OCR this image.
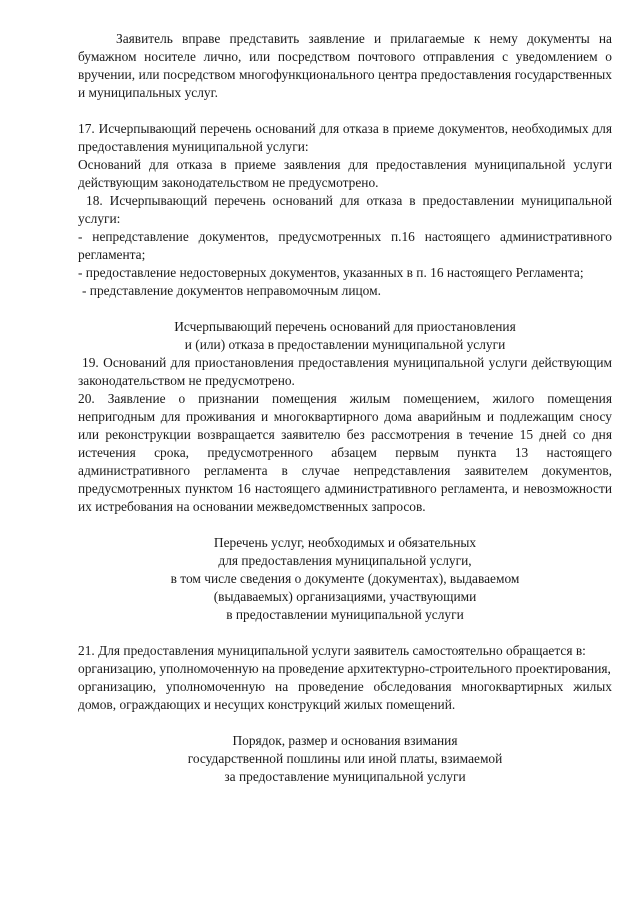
Заявитель вправе представить заявление и прилагаемые к нему документы на бумажном носителе лично, или посредством почтового отправления с уведомлением о вручении, или посредством многофункционального центра предоставления государственных и муниципальных услуг.

17. Исчерпывающий перечень оснований для отказа в приеме документов, необходимых для предоставления муниципальной услуги:

Оснований для отказа в приеме заявления для предоставления муниципальной услуги действующим законодательством не предусмотрено.

18. Исчерпывающий перечень оснований для отказа в предоставлении муниципальной услуги:

- непредставление документов, предусмотренных п.16 настоящего административного регламента;

- предоставление недостоверных документов, указанных в п. 16 настоящего Регламента;

- представление документов неправомочным лицом.

Исчерпывающий перечень оснований для приостановления
и (или) отказа в предоставлении муниципальной услуги

19. Оснований для приостановления предоставления муниципальной услуги действующим законодательством не предусмотрено.

20. Заявление о признании помещения жилым помещением, жилого помещения непригодным для проживания и многоквартирного дома аварийным и подлежащим сносу или реконструкции возвращается заявителю без рассмотрения в течение 15 дней со дня истечения срока, предусмотренного абзацем первым пункта 13 настоящего административного регламента в случае непредставления заявителем документов, предусмотренных пунктом 16 настоящего административного регламента, и невозможности их истребования на основании межведомственных запросов.

Перечень услуг, необходимых и обязательных
для предоставления муниципальной услуги,
в том числе сведения о документе (документах), выдаваемом
(выдаваемых) организациями, участвующими
в предоставлении муниципальной услуги

21. Для предоставления муниципальной услуги заявитель самостоятельно обращается в:

организацию, уполномоченную на проведение архитектурно-строительного проектирования,

организацию, уполномоченную на проведение обследования многоквартирных жилых домов, ограждающих и несущих конструкций жилых помещений.

Порядок, размер и основания взимания
государственной пошлины или иной платы, взимаемой
за предоставление муниципальной услуги
